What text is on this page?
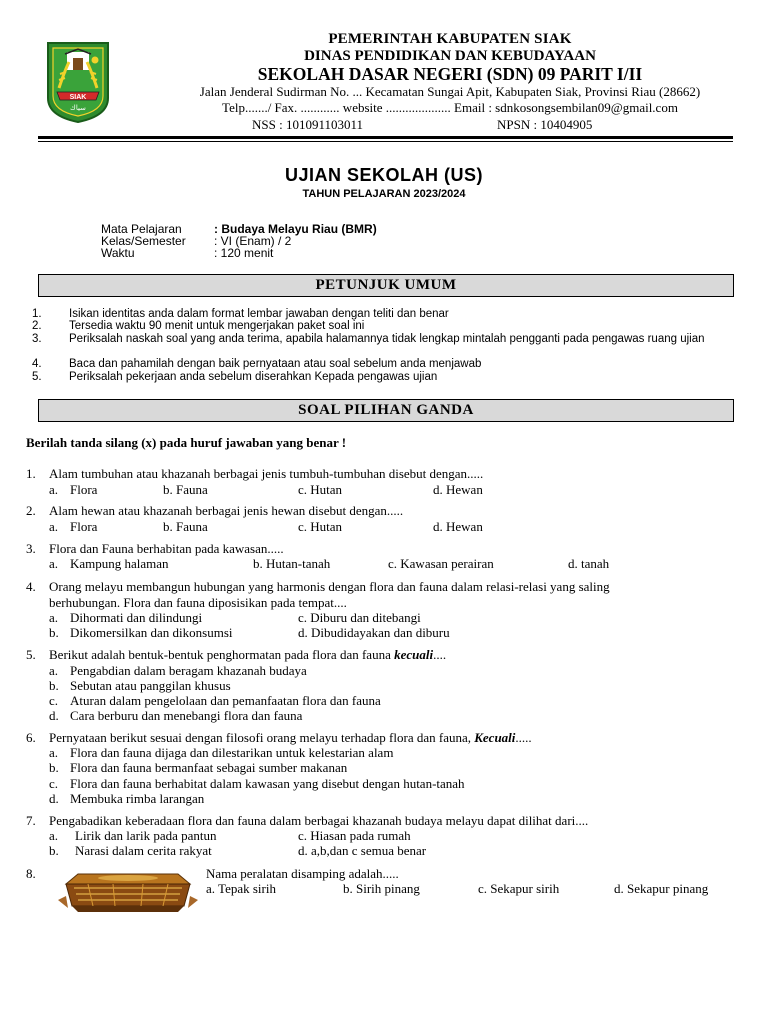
SIAK
سياك
PEMERINTAH KABUPATEN SIAK
DINAS PENDIDIKAN DAN KEBUDAYAAN
SEKOLAH DASAR NEGERI (SDN) 09 PARIT I/II
Jalan Jenderal Sudirman No. ... Kecamatan Sungai Apit, Kabupaten Siak, Provinsi Riau (28662)
Telp......./ Fax. ............ website .................... Email : sdnkosongsembilan09@gmail.com
NSS : 101091103011	NPSN : 10404905
UJIAN SEKOLAH (US)
TAHUN PELAJARAN 2023/2024
Mata Pelajaran	: Budaya Melayu Riau (BMR)
Kelas/Semester : VI (Enam) / 2
Waktu	: 120 menit
PETUNJUK UMUM
1. Isikan identitas anda dalam format lembar jawaban dengan teliti dan benar
2. Tersedia waktu 90 menit untuk mengerjakan paket soal ini
3. Periksalah naskah soal yang anda terima, apabila halamannya tidak lengkap mintalah pengganti pada pengawas ruang ujian
4. Baca dan pahamilah dengan baik pernyataan atau soal sebelum anda menjawab
5. Periksalah pekerjaan anda sebelum diserahkan Kepada pengawas ujian
SOAL PILIHAN GANDA
Berilah tanda silang (x) pada huruf jawaban yang benar !
1. Alam tumbuhan atau khazanah berbagai jenis tumbuh-tumbuhan disebut dengan.....
a. Flora	b. Fauna	c. Hutan	d. Hewan
2. Alam hewan atau khazanah berbagai jenis hewan disebut dengan.....
a. Flora	b. Fauna	c. Hutan	d. Hewan
3. Flora dan Fauna berhabitan pada kawasan.....
a. Kampung halaman	b. Hutan-tanah	c. Kawasan perairan	d. tanah
4. Orang melayu membangun hubungan yang harmonis dengan flora dan fauna dalam relasi-relasi yang saling
berhubungan. Flora dan fauna diposisikan pada tempat....
a. Dihormati dan dilindungi	c. Diburu dan ditebangi
b. Dikomersilkan dan dikonsumsi	d. Dibudidayakan dan diburu
5. Berikut adalah bentuk-bentuk penghormatan pada flora dan fauna kecuali....
a. Pengabdian dalam beragam khazanah budaya
b. Sebutan atau panggilan khusus
c. Aturan dalam pengelolaan dan pemanfaatan flora dan fauna
d. Cara berburu dan menebangi flora dan fauna
6. Pernyataan berikut sesuai dengan filosofi orang melayu terhadap flora dan fauna, Kecuali.....
a. Flora dan fauna dijaga dan dilestarikan untuk kelestarian alam
b. Flora dan fauna bermanfaat sebagai sumber makanan
c. Flora dan fauna berhabitat dalam kawasan yang disebut dengan hutan-tanah
d. Membuka rimba larangan
7. Pengabadikan keberadaan flora dan fauna dalam berbagai khazanah budaya melayu dapat dilihat dari....
a. Lirik dan larik pada pantun	c. Hiasan pada rumah
b. Narasi dalam cerita rakyat	d. a,b,dan c semua benar
8.	Nama peralatan disamping adalah.....
a. Tepak sirih	b. Sirih pinang	c. Sekapur sirih	d. Sekapur pinang
